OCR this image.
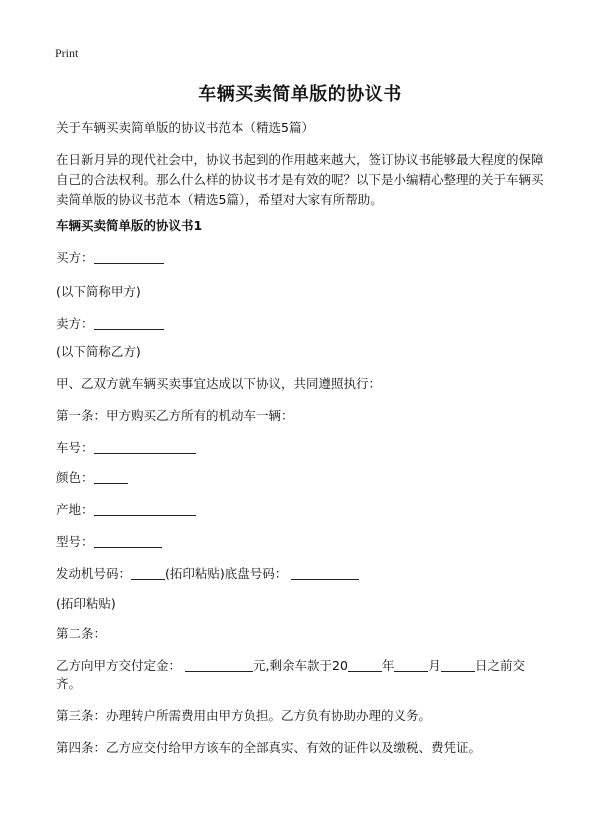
Print
车辆买卖简单版的协议书
关于车辆买卖简单版的协议书范本（精选5篇）
在日新月异的现代社会中，协议书起到的作用越来越大，签订协议书能够最大程度的保障自己的合法权利。那么什么样的协议书才是有效的呢？以下是小编精心整理的关于车辆买卖简单版的协议书范本（精选5篇），希望对大家有所帮助。
车辆买卖简单版的协议书1
买方：
(以下简称甲方)
卖方：
(以下简称乙方)
甲、乙双方就车辆买卖事宜达成以下协议，共同遵照执行：
第一条：甲方购买乙方所有的机动车一辆：
车号：
颜色：
产地：
型号：
发动机号码：	(拓印粘贴)底盘号码：
(拓印粘贴)
第二条：
乙方向甲方交付定金：	元,剩余车款于20	年	月	日之前交
齐。
第三条：办理转户所需费用由甲方负担。乙方负有协助办理的义务。
第四条：乙方应交付给甲方该车的全部真实、有效的证件以及缴税、费凭证。
